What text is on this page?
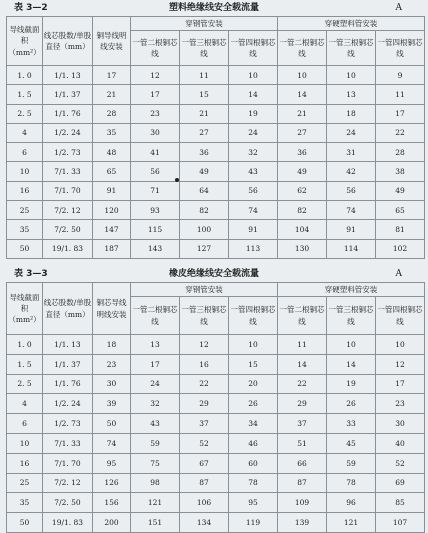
表 3—2	塑料绝缘线安全载流量	A
导线截面积（mm²）	线芯股数/单股直径（mm）	铜导线明线安装	穿钢管安装			穿硬塑料管安装		
			一管二根铜芯线	一管三根铜芯线	一管四根铜芯线	一管二根铜芯线	一管三根铜芯线	一管四根铜芯线
1. 0	1/1. 13	17	12	11	10	10	10	9
1. 5	1/1. 37	21	17	15	14	14	13	11
2. 5	1/1. 76	28	23	21	19	21	18	17
4	1/2. 24	35	30	27	24	27	24	22
6	1/2. 73	48	41	36	32	36	31	28
10	7/1. 33	65	56	49	43	49	42	38
16	7/1. 70	91	71	64	56	62	56	49
25	7/2. 12	120	93	82	74	82	74	65
35	7/2. 50	147	115	100	91	104	91	81
50	19/1. 83	187	143	127	113	130	114	102
表 3—3	橡皮绝缘线安全载流量	A
导线截面积（mm²）	线芯股数/单股直径（mm）	铜芯导线明线安装	穿钢管安装			穿硬塑料管安装		
			一管二根铜芯线	一管三根铜芯线	一管四根铜芯线	一管二根铜芯线	一管三根铜芯线	一管四根铜芯线
1. 0	1/1. 13	18	13	12	10	11	10	10
1. 5	1/1. 37	23	17	16	15	14	14	12
2. 5	1/1. 76	30	24	22	20	22	19	17
4	1/2. 24	39	32	29	26	29	26	23
6	1/2. 73	50	43	37	34	37	33	30
10	7/1. 33	74	59	52	46	51	45	40
16	7/1. 70	95	75	67	60	66	59	52
25	7/2. 12	126	98	87	78	87	78	69
35	7/2. 50	156	121	106	95	109	96	85
50	19/1. 83	200	151	134	119	139	121	107
